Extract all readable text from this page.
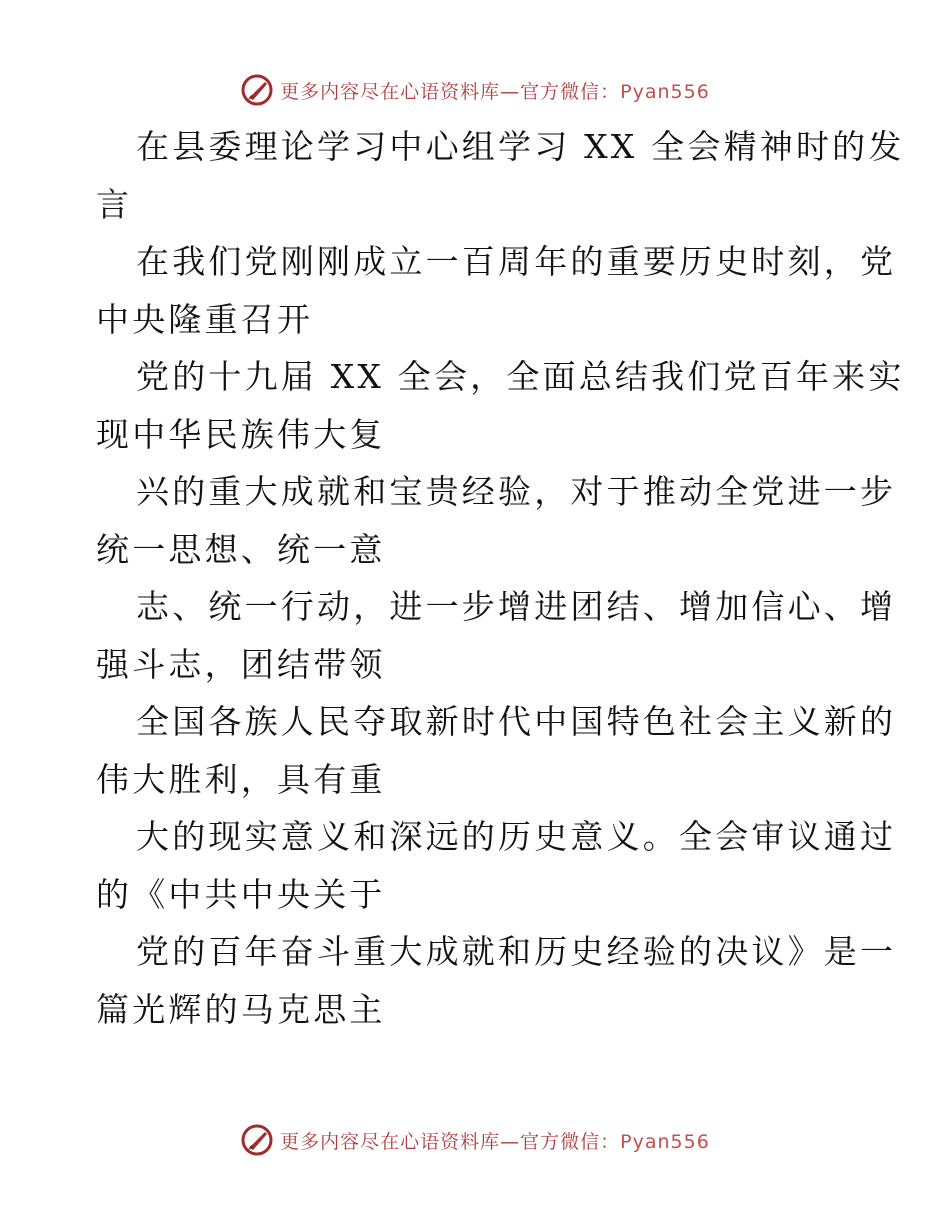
更多内容尽在心语资料库—官方微信：Pyan556

在县委理论学习中心组学习 XX 全会精神时的发

言

在我们党刚刚成立一百周年的重要历史时刻，党

中央隆重召开

党的十九届 XX 全会，全面总结我们党百年来实

现中华民族伟大复

兴的重大成就和宝贵经验，对于推动全党进一步

统一思想、统一意

志、统一行动，进一步增进团结、增加信心、增

强斗志，团结带领

全国各族人民夺取新时代中国特色社会主义新的

伟大胜利，具有重

大的现实意义和深远的历史意义。全会审议通过

的《中共中央关于

党的百年奋斗重大成就和历史经验的决议》是一

篇光辉的马克思主

更多内容尽在心语资料库—官方微信：Pyan556
